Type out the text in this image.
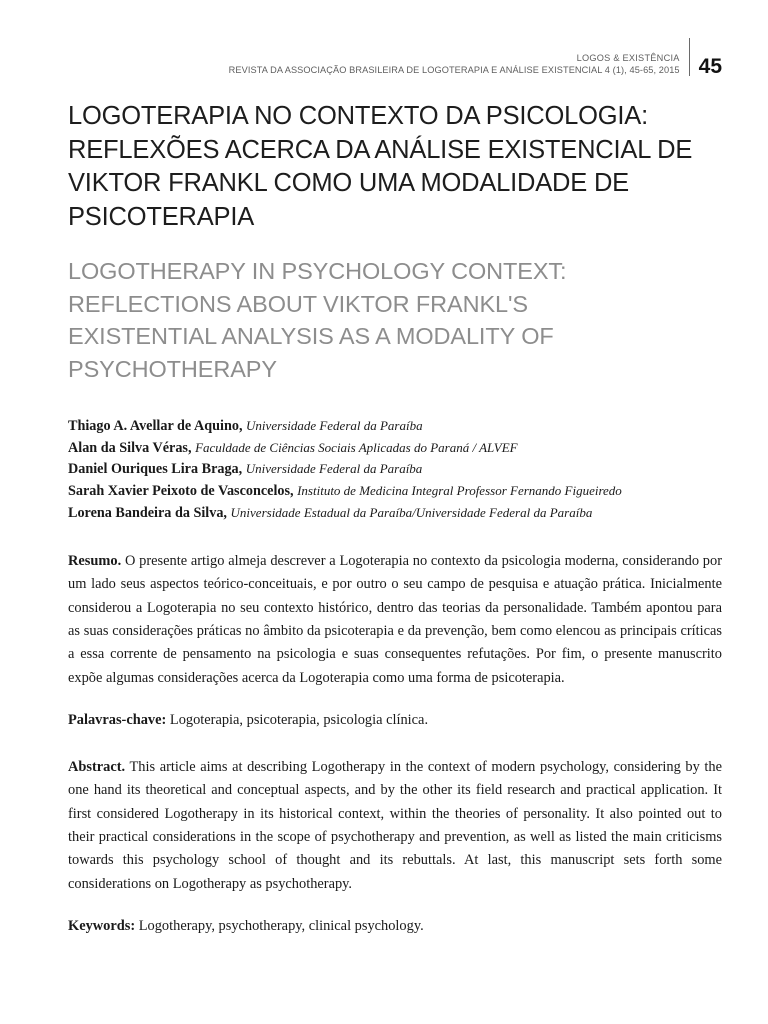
LOGOS & EXISTÊNCIA
REVISTA DA ASSOCIAÇÃO BRASILEIRA DE LOGOTERAPIA E ANÁLISE EXISTENCIAL 4 (1), 45-65, 2015 45
LOGOTERAPIA NO CONTEXTO DA PSICOLOGIA:
REFLEXÕES ACERCA DA ANÁLISE EXISTENCIAL DE
VIKTOR FRANKL COMO UMA MODALIDADE DE
PSICOTERAPIA
LOGOTHERAPY IN PSYCHOLOGY CONTEXT:
REFLECTIONS ABOUT VIKTOR FRANKL'S
EXISTENTIAL ANALYSIS AS A MODALITY OF
PSYCHOTHERAPY
Thiago A. Avellar de Aquino, Universidade Federal da Paraíba
Alan da Silva Véras, Faculdade de Ciências Sociais Aplicadas do Paraná / ALVEF
Daniel Ouriques Lira Braga, Universidade Federal da Paraíba
Sarah Xavier Peixoto de Vasconcelos, Instituto de Medicina Integral Professor Fernando Figueiredo
Lorena Bandeira da Silva, Universidade Estadual da Paraíba/Universidade Federal da Paraíba

Resumo. O presente artigo almeja descrever a Logoterapia no contexto da psicologia moderna, considerando por um lado seus aspectos teórico-conceituais, e por outro o seu campo de pesquisa e atuação prática. Inicialmente considerou a Logoterapia no seu contexto histórico, dentro das teorias da personalidade. Também apontou para as suas considerações práticas no âmbito da psicoterapia e da prevenção, bem como elencou as principais críticas a essa corrente de pensamento na psicologia e suas consequentes refutações. Por fim, o presente manuscrito expõe algumas considerações acerca da Logoterapia como uma forma de psicoterapia.

Palavras-chave: Logoterapia, psicoterapia, psicologia clínica.

Abstract. This article aims at describing Logotherapy in the context of modern psychology, considering by the one hand its theoretical and conceptual aspects, and by the other its field research and practical application. It first considered Logotherapy in its historical context, within the theories of personality. It also pointed out to their practical considerations in the scope of psychotherapy and prevention, as well as listed the main criticisms towards this psychology school of thought and its rebuttals. At last, this manuscript sets forth some considerations on Logotherapy as psychotherapy.

Keywords: Logotherapy, psychotherapy, clinical psychology.
